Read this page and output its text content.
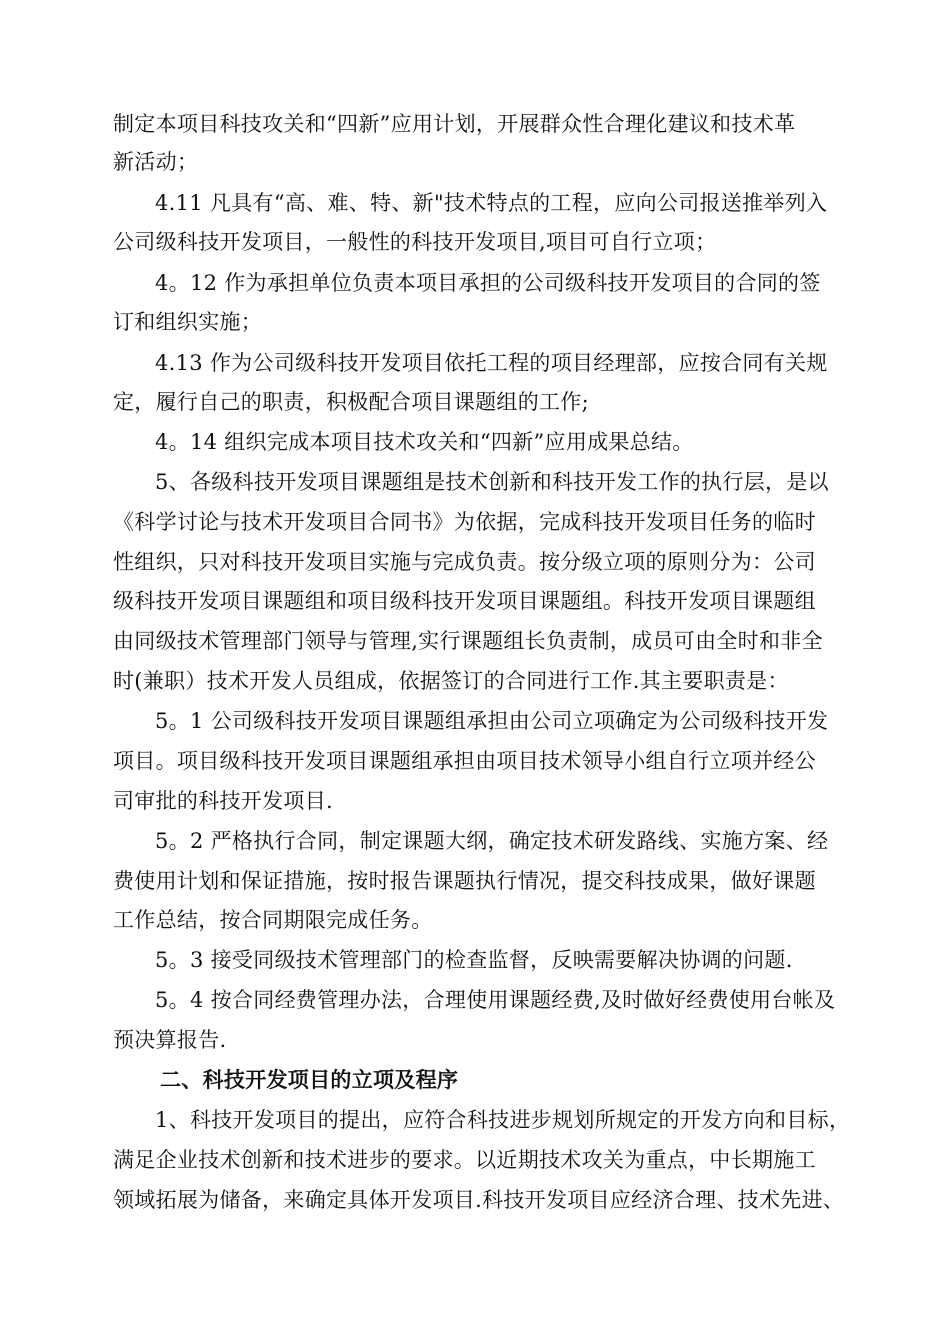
制定本项目科技攻关和“四新”应用计划，开展群众性合理化建议和技术革
新活动；
4.11 凡具有“高、难、特、新"技术特点的工程，应向公司报送推举列入
公司级科技开发项目，一般性的科技开发项目,项目可自行立项；
4。12 作为承担单位负责本项目承担的公司级科技开发项目的合同的签
订和组织实施；
4.13 作为公司级科技开发项目依托工程的项目经理部，应按合同有关规
定，履行自己的职责，积极配合项目课题组的工作;
4。14 组织完成本项目技术攻关和“四新”应用成果总结。
5、各级科技开发项目课题组是技术创新和科技开发工作的执行层，是以
《科学讨论与技术开发项目合同书》为依据，完成科技开发项目任务的临时
性组织，只对科技开发项目实施与完成负责。按分级立项的原则分为：公司
级科技开发项目课题组和项目级科技开发项目课题组。科技开发项目课题组
由同级技术管理部门领导与管理,实行课题组长负责制，成员可由全时和非全
时(兼职）技术开发人员组成，依据签订的合同进行工作.其主要职责是：
5。1 公司级科技开发项目课题组承担由公司立项确定为公司级科技开发
项目。项目级科技开发项目课题组承担由项目技术领导小组自行立项并经公
司审批的科技开发项目.
5。2 严格执行合同，制定课题大纲，确定技术研发路线、实施方案、经
费使用计划和保证措施，按时报告课题执行情况，提交科技成果，做好课题
工作总结，按合同期限完成任务。
5。3 接受同级技术管理部门的检查监督，反映需要解决协调的问题.
5。4 按合同经费管理办法，合理使用课题经费,及时做好经费使用台帐及
预决算报告.
二、科技开发项目的立项及程序
1、科技开发项目的提出，应符合科技进步规划所规定的开发方向和目标，
满足企业技术创新和技术进步的要求。以近期技术攻关为重点，中长期施工
领域拓展为储备，来确定具体开发项目.科技开发项目应经济合理、技术先进、
